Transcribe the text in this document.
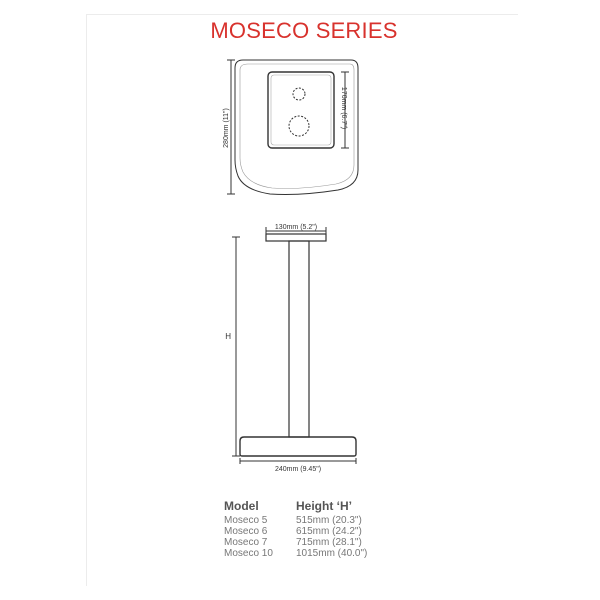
MOSECO SERIES
280mm (11")	170mm (6.7")
130mm (5.2")
H
240mm (9.45")
Model	Height ‘H’
Moseco 5	515mm (20.3")
Moseco 6	615mm (24.2")
Moseco 7	715mm (28.1")
Moseco 10	1015mm (40.0")
